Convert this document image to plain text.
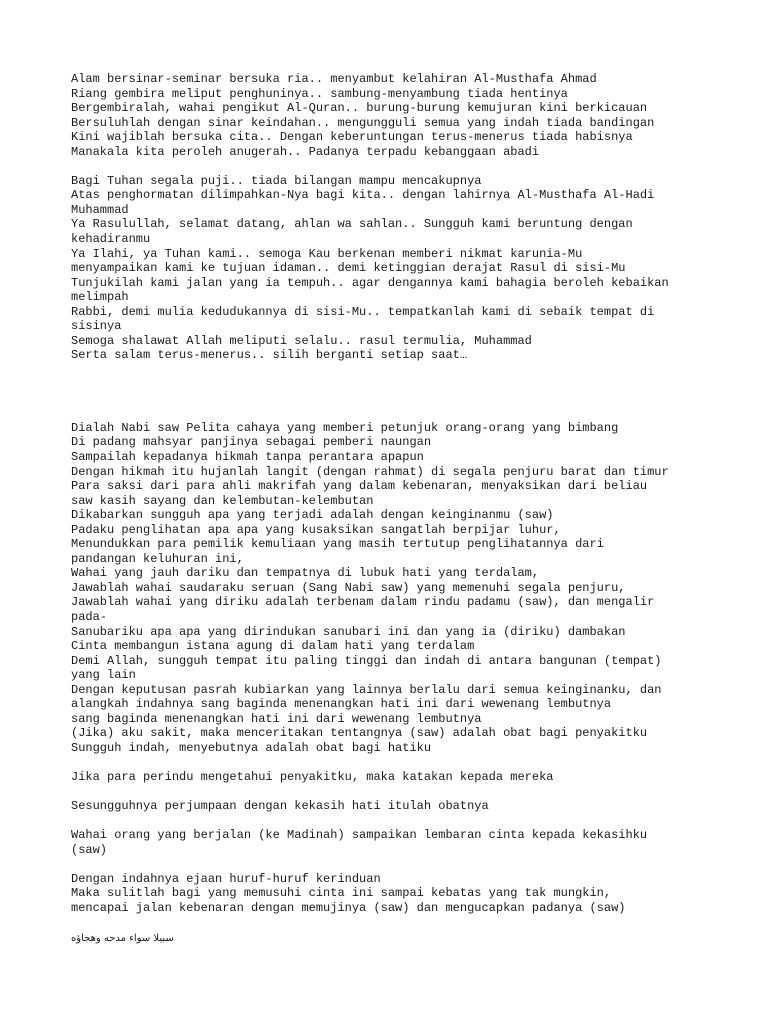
Alam bersinar-seminar bersuka ria.. menyambut kelahiran Al-Musthafa Ahmad
Riang gembira meliput penghuninya.. sambung-menyambung tiada hentinya
Bergembiralah, wahai pengikut Al-Quran.. burung-burung kemujuran kini berkicauan
Bersuluhlah dengan sinar keindahan.. mengungguli semua yang indah tiada bandingan
Kini wajiblah bersuka cita.. Dengan keberuntungan terus-menerus tiada habisnya
Manakala kita peroleh anugerah.. Padanya terpadu kebanggaan abadi
Bagi Tuhan segala puji.. tiada bilangan mampu mencakupnya
Atas penghormatan dilimpahkan-Nya bagi kita.. dengan lahirnya Al-Musthafa Al-Hadi
Muhammad
Ya Rasulullah, selamat datang, ahlan wa sahlan.. Sungguh kami beruntung dengan
kehadiranmu
Ya Ilahi, ya Tuhan kami.. semoga Kau berkenan memberi nikmat karunia-Mu
menyampaikan kami ke tujuan idaman.. demi ketinggian derajat Rasul di sisi-Mu
Tunjukilah kami jalan yang ia tempuh.. agar dengannya kami bahagia beroleh kebaikan
melimpah
Rabbi, demi mulia kedudukannya di sisi-Mu.. tempatkanlah kami di sebaik tempat di
sisinya
Semoga shalawat Allah meliputi selalu.. rasul termulia, Muhammad
Serta salam terus-menerus.. silih berganti setiap saat…
Dialah Nabi saw Pelita cahaya yang memberi petunjuk orang-orang yang bimbang
Di padang mahsyar panjinya sebagai pemberi naungan
Sampailah kepadanya hikmah tanpa perantara apapun
Dengan hikmah itu hujanlah langit (dengan rahmat) di segala penjuru barat dan timur
Para saksi dari para ahli makrifah yang dalam kebenaran, menyaksikan dari beliau
saw kasih sayang dan kelembutan-kelembutan
Dikabarkan sungguh apa yang terjadi adalah dengan keinginanmu (saw)
Padaku penglihatan apa apa yang kusaksikan sangatlah berpijar luhur,
Menundukkan para pemilik kemuliaan yang masih tertutup penglihatannya dari
pandangan keluhuran ini,
Wahai yang jauh dariku dan tempatnya di lubuk hati yang terdalam,
Jawablah wahai saudaraku seruan (Sang Nabi saw) yang memenuhi segala penjuru,
Jawablah wahai yang diriku adalah terbenam dalam rindu padamu (saw), dan mengalir
pada-
Sanubariku apa apa yang dirindukan sanubari ini dan yang ia (diriku) dambakan
Cinta membangun istana agung di dalam hati yang terdalam
Demi Allah, sungguh tempat itu paling tinggi dan indah di antara bangunan (tempat)
yang lain
Dengan keputusan pasrah kubiarkan yang lainnya berlalu dari semua keinginanku, dan
alangkah indahnya sang baginda menenangkan hati ini dari wewenang lembutnya
sang baginda menenangkan hati ini dari wewenang lembutnya
(Jika) aku sakit, maka menceritakan tentangnya (saw) adalah obat bagi penyakitku
Sungguh indah, menyebutnya adalah obat bagi hatiku
Jika para perindu mengetahui penyakitku, maka katakan kepada mereka
Sesungguhnya perjumpaan dengan kekasih hati itulah obatnya
Wahai orang yang berjalan (ke Madinah) sampaikan lembaran cinta kepada kekasihku
(saw)
Dengan indahnya ejaan huruf-huruf kerinduan
Maka sulitlah bagi yang memusuhi cinta ini sampai kebatas yang tak mungkin,
mencapai jalan kebenaran dengan memujinya (saw) dan mengucapkan padanya (saw)
سبيلا سواء مدحه وهجاؤه
